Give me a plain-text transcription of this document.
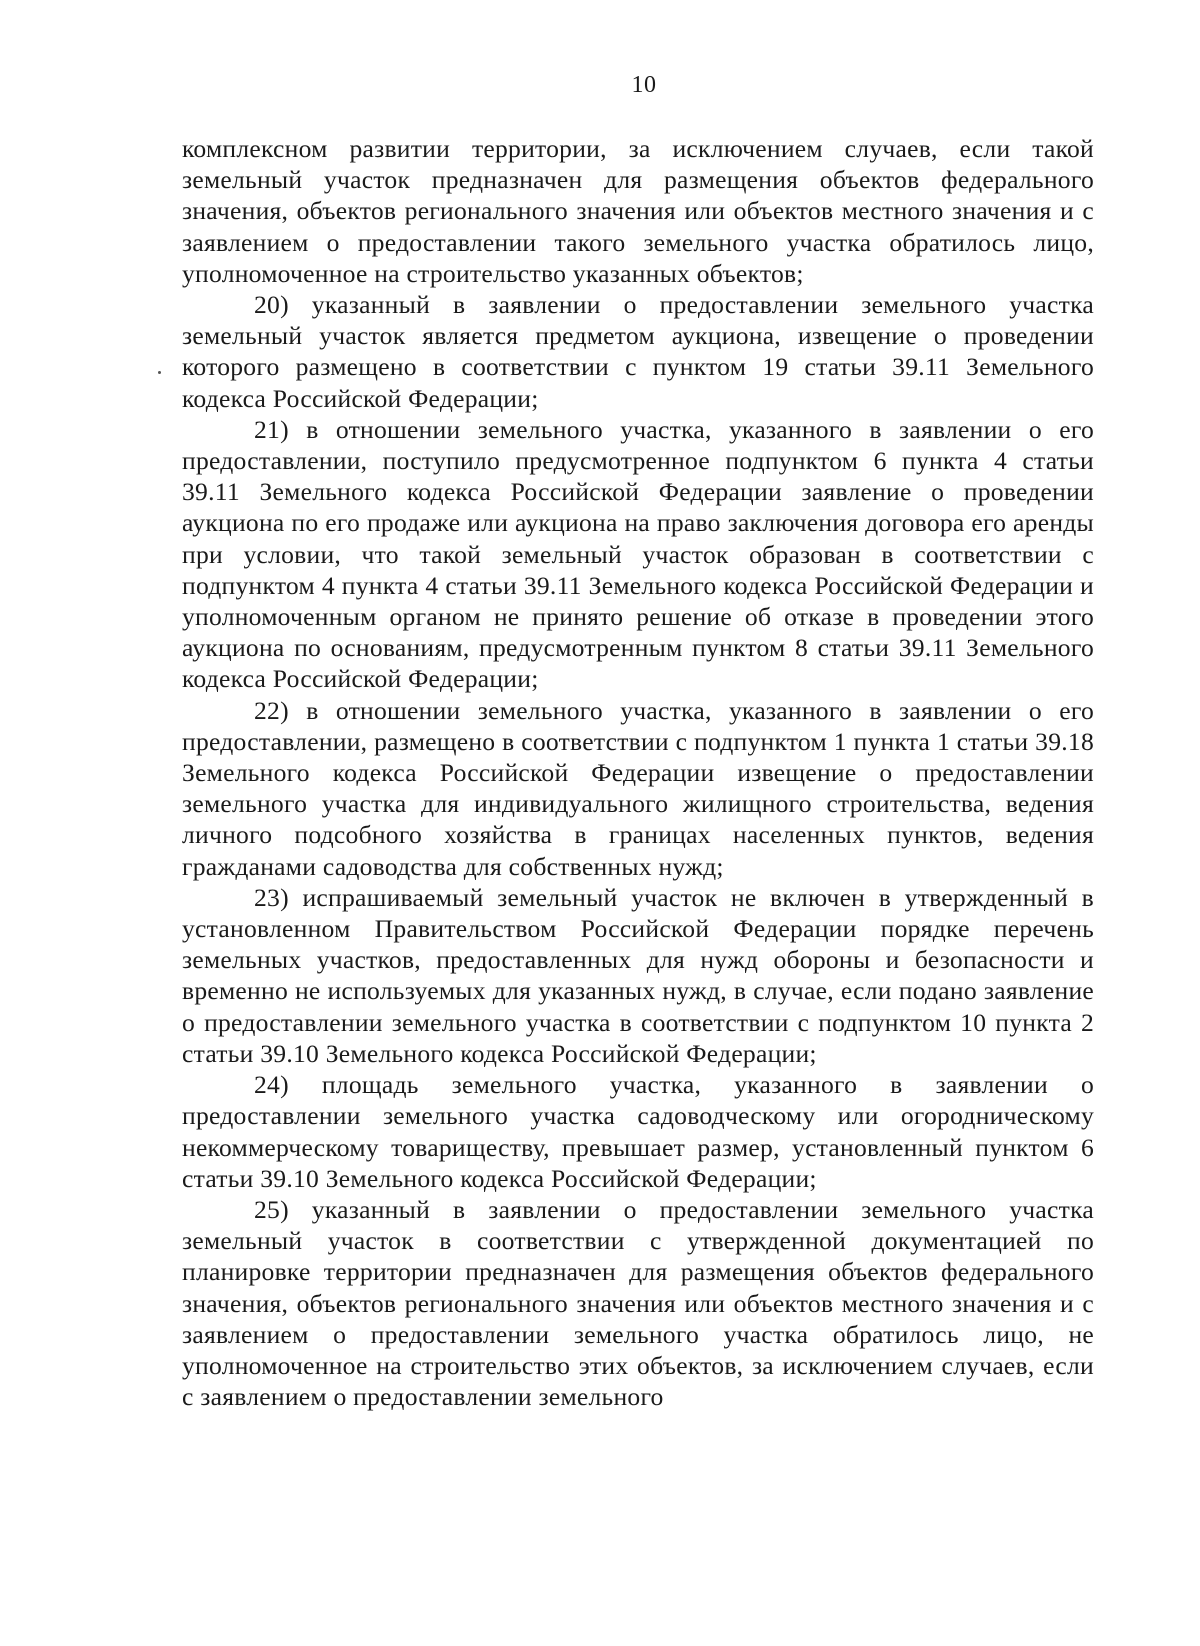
10

комплексном развитии территории, за исключением случаев, если такой земельный участок предназначен для размещения объектов федерального значения, объектов регионального значения или объектов местного значения и с заявлением о предоставлении такого земельного участка обратилось лицо, уполномоченное на строительство указанных объектов;

20) указанный в заявлении о предоставлении земельного участка земельный участок является предметом аукциона, извещение о проведении которого размещено в соответствии с пунктом 19 статьи 39.11 Земельного кодекса Российской Федерации;

21) в отношении земельного участка, указанного в заявлении о его предоставлении, поступило предусмотренное подпунктом 6 пункта 4 статьи 39.11 Земельного кодекса Российской Федерации заявление о проведении аукциона по его продаже или аукциона на право заключения договора его аренды при условии, что такой земельный участок образован в соответствии с подпунктом 4 пункта 4 статьи 39.11 Земельного кодекса Российской Федерации и уполномоченным органом не принято решение об отказе в проведении этого аукциона по основаниям, предусмотренным пунктом 8 статьи 39.11 Земельного кодекса Российской Федерации;

22) в отношении земельного участка, указанного в заявлении о его предоставлении, размещено в соответствии с подпунктом 1 пункта 1 статьи 39.18 Земельного кодекса Российской Федерации извещение о предоставлении земельного участка для индивидуального жилищного строительства, ведения личного подсобного хозяйства в границах населенных пунктов, ведения гражданами садоводства для собственных нужд;

23) испрашиваемый земельный участок не включен в утвержденный в установленном Правительством Российской Федерации порядке перечень земельных участков, предоставленных для нужд обороны и безопасности и временно не используемых для указанных нужд, в случае, если подано заявление о предоставлении земельного участка в соответствии с подпунктом 10 пункта 2 статьи 39.10 Земельного кодекса Российской Федерации;

24) площадь земельного участка, указанного в заявлении о предоставлении земельного участка садоводческому или огородническому некоммерческому товариществу, превышает размер, установленный пунктом 6 статьи 39.10 Земельного кодекса Российской Федерации;

25) указанный в заявлении о предоставлении земельного участка земельный участок в соответствии с утвержденной документацией по планировке территории предназначен для размещения объектов федерального значения, объектов регионального значения или объектов местного значения и с заявлением о предоставлении земельного участка обратилось лицо, не уполномоченное на строительство этих объектов, за исключением случаев, если с заявлением о предоставлении земельного
